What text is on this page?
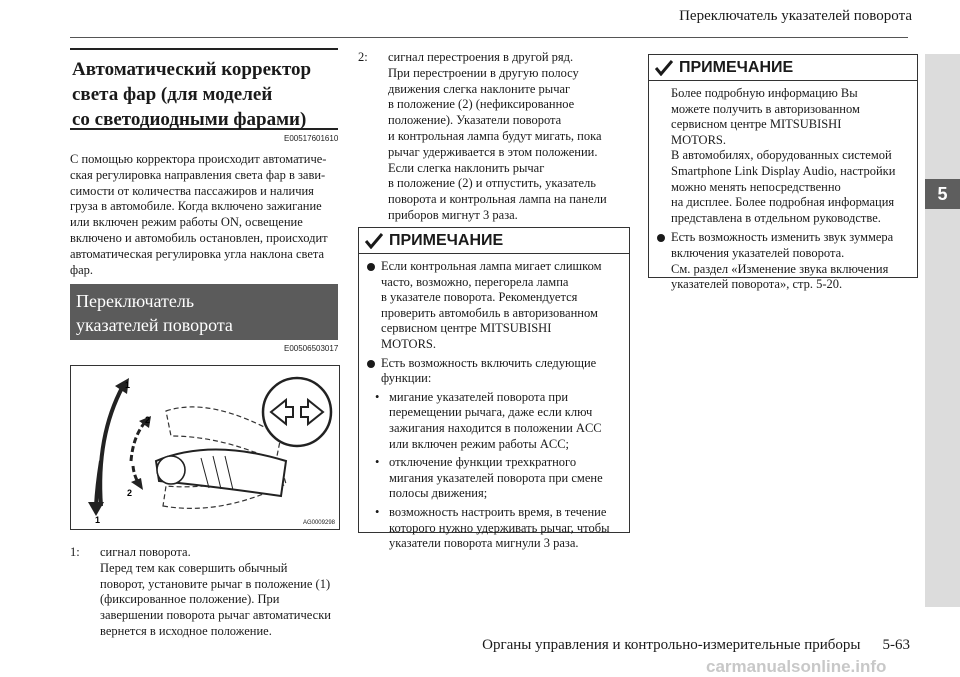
Переключатель указателей поворота
5
Автоматический корректор
света фар (для моделей
со светодиодными фарами)
E00517601610
С помощью корректора происходит автоматиче-
ская регулировка направления света фар в зави-
симости от количества пассажиров и наличия
груза в автомобиле. Когда включено зажигание
или включен режим работы ON, освещение
включено и автомобиль остановлен, происходит
автоматическая регулировка угла наклона света
фар.
Переключатель
указателей поворота
E00506503017
1
2
2
1	AG0009298
1:	сигнал поворота.
Перед тем как совершить обычный
поворот, установите рычаг в положение (1)
(фиксированное положение). При
завершении поворота рычаг автоматически
вернется в исходное положение.
2:	сигнал перестроения в другой ряд.
При перестроении в другую полосу
движения слегка наклоните рычаг
в положение (2) (нефиксированное
положение). Указатели поворота
и контрольная лампа будут мигать, пока
рычаг удерживается в этом положении.
Если слегка наклонить рычаг
в положение (2) и отпустить, указатель
поворота и контрольная лампа на панели
приборов мигнут 3 раза.
ПРИМЕЧАНИЕ
Если контрольная лампа мигает слишком
часто, возможно, перегорела лампа
в указателе поворота. Рекомендуется
проверить автомобиль в авторизованном
сервисном центре MITSUBISHI
MOTORS.
Есть возможность включить следующие
функции:
• мигание указателей поворота при
перемещении рычага, даже если ключ
зажигания находится в положении ACC
или включен режим работы ACC;
• отключение функции трехкратного
мигания указателей поворота при смене
полосы движения;
• возможность настроить время, в течение
которого нужно удерживать рычаг, чтобы
указатели поворота мигнули 3 раза.
ПРИМЕЧАНИЕ
Более подробную информацию Вы
можете получить в авторизованном
сервисном центре MITSUBISHI
MOTORS.
В автомобилях, оборудованных системой
Smartphone Link Display Audio, настройки
можно менять непосредственно
на дисплее. Более подробная информация
представлена в отдельном руководстве.
Есть возможность изменить звук зуммера
включения указателей поворота.
См. раздел «Изменение звука включения
указателей поворота», стр. 5-20.
Органы управления и контрольно-измерительные приборы 5-63
carmanualsonline.info
